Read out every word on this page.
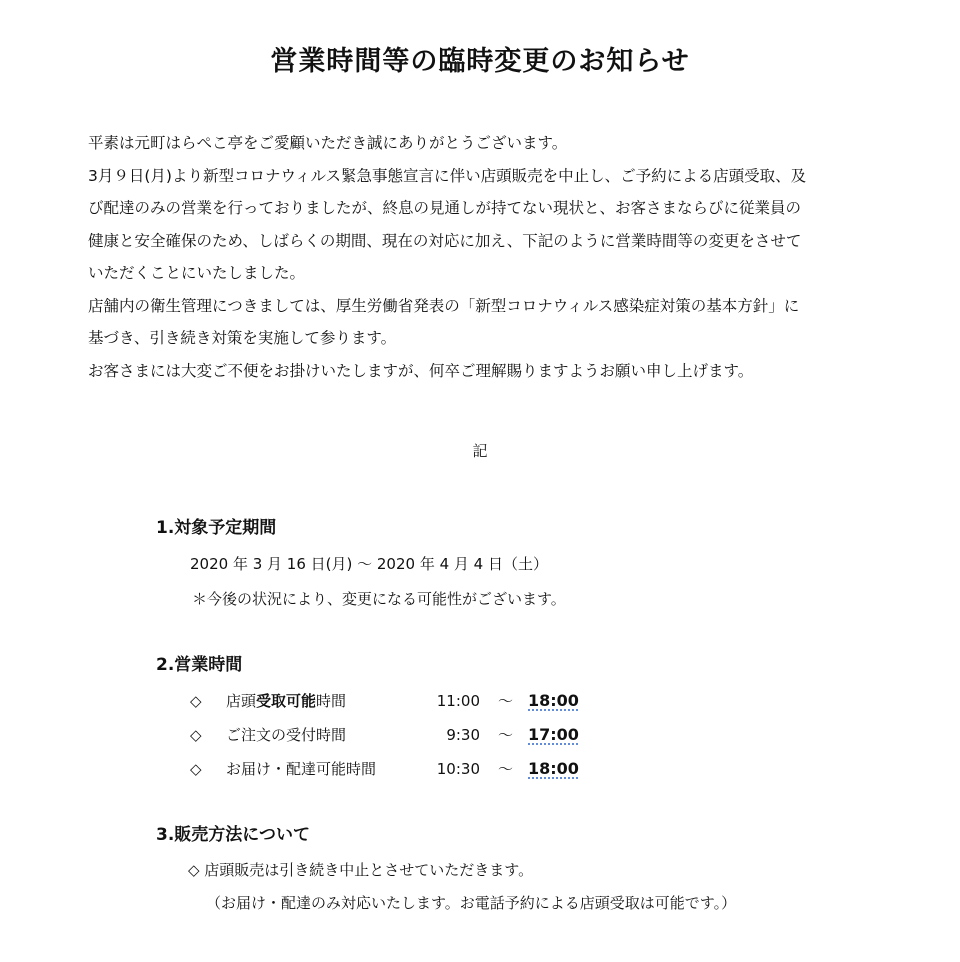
営業時間等の臨時変更のお知らせ

平素は元町はらぺこ亭をご愛顧いただき誠にありがとうございます。

3月９日(月)より新型コロナウィルス緊急事態宣言に伴い店頭販売を中止し、ご予約による店頭受取、及

び配達のみの営業を行っておりましたが、終息の見通しが持てない現状と、お客さまならびに従業員の

健康と安全確保のため、しばらくの期間、現在の対応に加え、下記のように営業時間等の変更をさせて

いただくことにいたしました。

店舗内の衛生管理につきましては、厚生労働省発表の「新型コロナウィルス感染症対策の基本方針」に

基づき、引き続き対策を実施して参ります。

お客さまには大変ご不便をお掛けいたしますが、何卒ご理解賜りますようお願い申し上げます。

記
1.対象予定期間
2020 年 3 月 16 日(月) ～ 2020 年 4 月 4 日（土）
＊今後の状況により、変更になる可能性がございます。
2.営業時間
◇ 店頭受取可能時間	11:00 ～ 18:00
◇ ご注文の受付時間	9:30 ～ 17:00
◇ お届け・配達可能時間	10:30 ～ 18:00
3.販売方法について
◇ 店頭販売は引き続き中止とさせていただきます。
（お届け・配達のみ対応いたします。お電話予約による店頭受取は可能です。）
